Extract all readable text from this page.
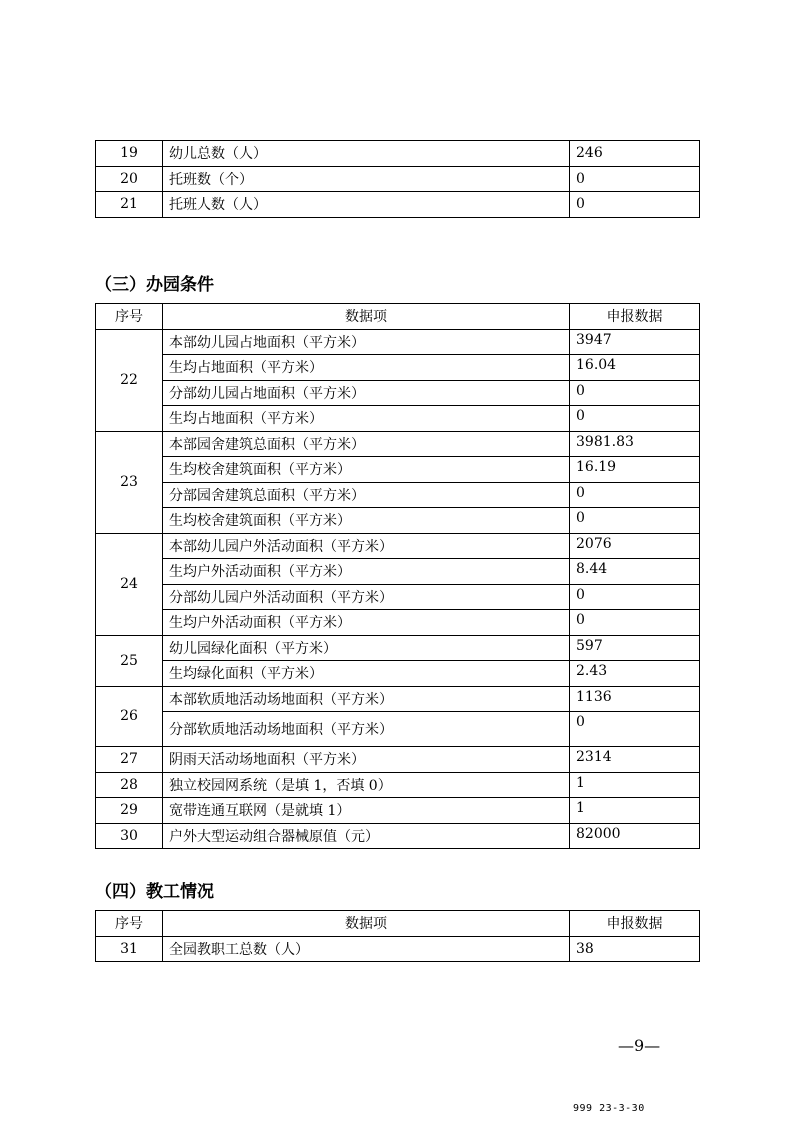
19	幼儿总数（人）	246
20	托班数（个）	0
21	托班人数（人）	0
（三）办园条件
序号	数据项	申报数据
22	本部幼儿园占地面积（平方米）	3947
	生均占地面积（平方米）	16.04
	分部幼儿园占地面积（平方米）	0
	生均占地面积（平方米）	0
23	本部园舍建筑总面积（平方米）	3981.83
	生均校舍建筑面积（平方米）	16.19
	分部园舍建筑总面积（平方米）	0
	生均校舍建筑面积（平方米）	0
24	本部幼儿园户外活动面积（平方米）	2076
	生均户外活动面积（平方米）	8.44
	分部幼儿园户外活动面积（平方米）	0
	生均户外活动面积（平方米）	0
25	幼儿园绿化面积（平方米）	597
	生均绿化面积（平方米）	2.43
26	本部软质地活动场地面积（平方米）	1136
	分部软质地活动场地面积（平方米）	0
27	阴雨天活动场地面积（平方米）	2314
28	独立校园网系统（是填 1，否填 0）	1
29	宽带连通互联网（是就填 1）	1
30	户外大型运动组合器械原值（元）	82000
（四）教工情况
序号	数据项	申报数据
31	全园教职工总数（人）	38
—9—
999 23-3-30
